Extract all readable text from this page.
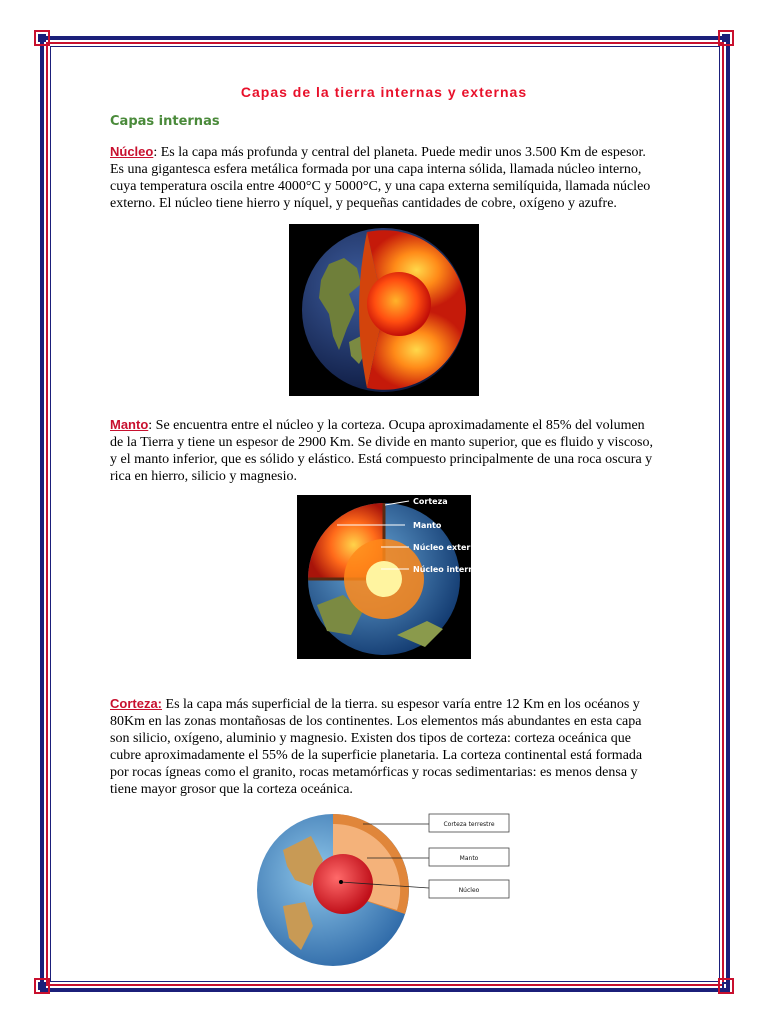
Capas de la tierra internas y externas
Capas internas

Núcleo: Es la capa más profunda y central del planeta. Puede medir unos 3.500 Km de espesor. Es una gigantesca esfera metálica formada por una capa interna sólida, llamada núcleo interno, cuya temperatura oscila entre 4000°C y 5000°C, y una capa externa semilíquida, llamada núcleo externo. El núcleo tiene hierro y níquel, y pequeñas cantidades de cobre, oxígeno y azufre.

Manto: Se encuentra entre el núcleo y la corteza. Ocupa aproximadamente el 85% del volumen de la Tierra y tiene un espesor de 2900 Km. Se divide en manto superior, que es fluido y viscoso, y el manto inferior, que es sólido y elástico. Está compuesto principalmente de una roca oscura y rica en hierro, silicio y magnesio.

Corteza
Manto
Núcleo externo
Núcleo interno

Corteza: Es la capa más superficial de la tierra. su espesor varía entre 12 Km en los océanos y 80Km en las zonas montañosas de los continentes. Los elementos más abundantes en esta capa son silicio, oxígeno, aluminio y magnesio. Existen dos tipos de corteza: corteza oceánica que cubre aproximadamente el 55% de la superficie planetaria. La corteza continental está formada por rocas ígneas como el granito, rocas metamórficas y rocas sedimentarias: es menos densa y tiene mayor grosor que la corteza oceánica.

Corteza terrestre
Manto
Núcleo
